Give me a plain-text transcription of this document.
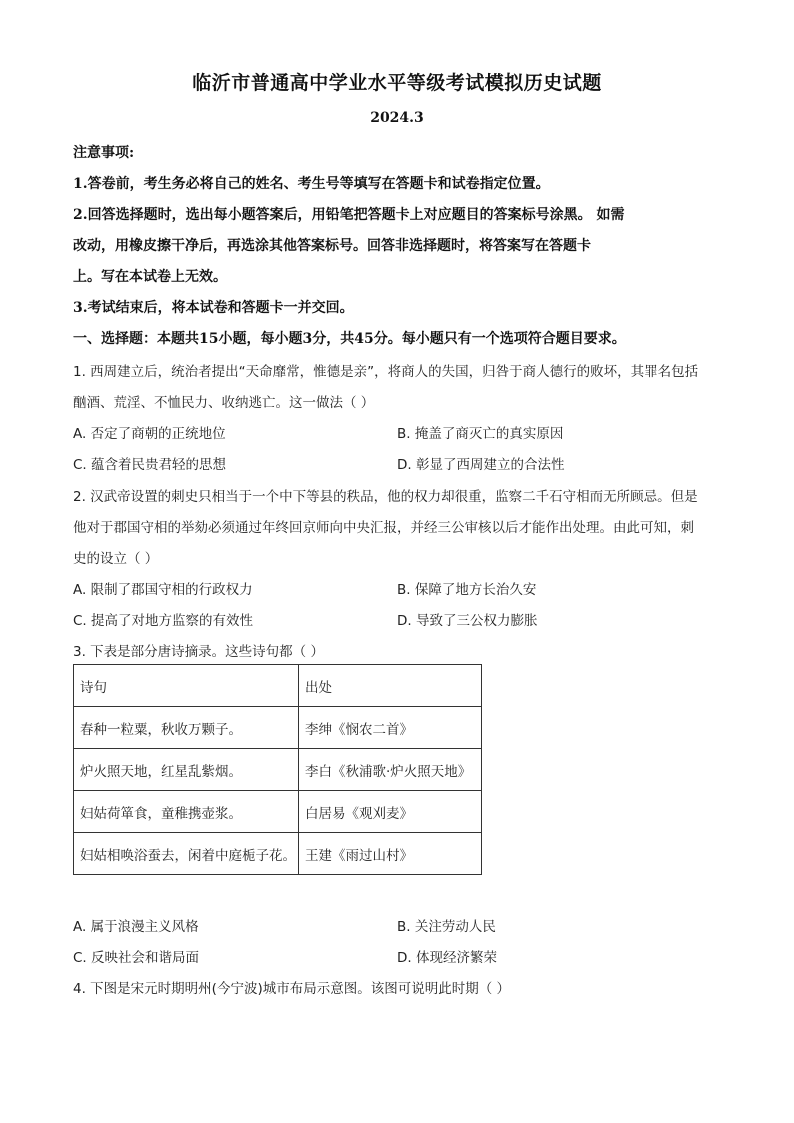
临沂市普通高中学业水平等级考试模拟历史试题
2024.3
注意事项:
1.答卷前，考生务必将自己的姓名、考生号等填写在答题卡和试卷指定位置。
2.回答选择题时，选出每小题答案后，用铅笔把答题卡上对应题目的答案标号涂黑。 如需
改动，用橡皮擦干净后，再选涂其他答案标号。回答非选择题时，将答案写在答题卡
上。写在本试卷上无效。
3.考试结束后，将本试卷和答题卡一并交回。
一、选择题：本题共15小题，每小题3分，共45分。每小题只有一个选项符合题目要求。
1. 西周建立后，统治者提出“天命靡常，惟德是亲”，将商人的失国，归咎于商人德行的败坏，其罪名包括
酗酒、荒淫、不恤民力、收纳逃亡。这一做法（ ）
A. 否定了商朝的正统地位	B. 掩盖了商灭亡的真实原因
C. 蕴含着民贵君轻的思想	D. 彰显了西周建立的合法性
2. 汉武帝设置的刺史只相当于一个中下等县的秩品，他的权力却很重，监察二千石守相而无所顾忌。但是
他对于郡国守相的举劾必须通过年终回京师向中央汇报，并经三公审核以后才能作出处理。由此可知，刺
史的设立（ ）
A. 限制了郡国守相的行政权力	B. 保障了地方长治久安
C. 提高了对地方监察的有效性	D. 导致了三公权力膨胀
3. 下表是部分唐诗摘录。这些诗句都（ ）
诗句	出处
春种一粒粟，秋收万颗子。	李绅《悯农二首》
炉火照天地，红星乱紫烟。	李白《秋浦歌·炉火照天地》
妇姑荷箪食，童稚携壶浆。	白居易《观刈麦》
妇姑相唤浴蚕去，闲着中庭栀子花。	王建《雨过山村》
A. 属于浪漫主义风格	B. 关注劳动人民
C. 反映社会和谐局面	D. 体现经济繁荣
4. 下图是宋元时期明州(今宁波)城市布局示意图。该图可说明此时期（ ）
